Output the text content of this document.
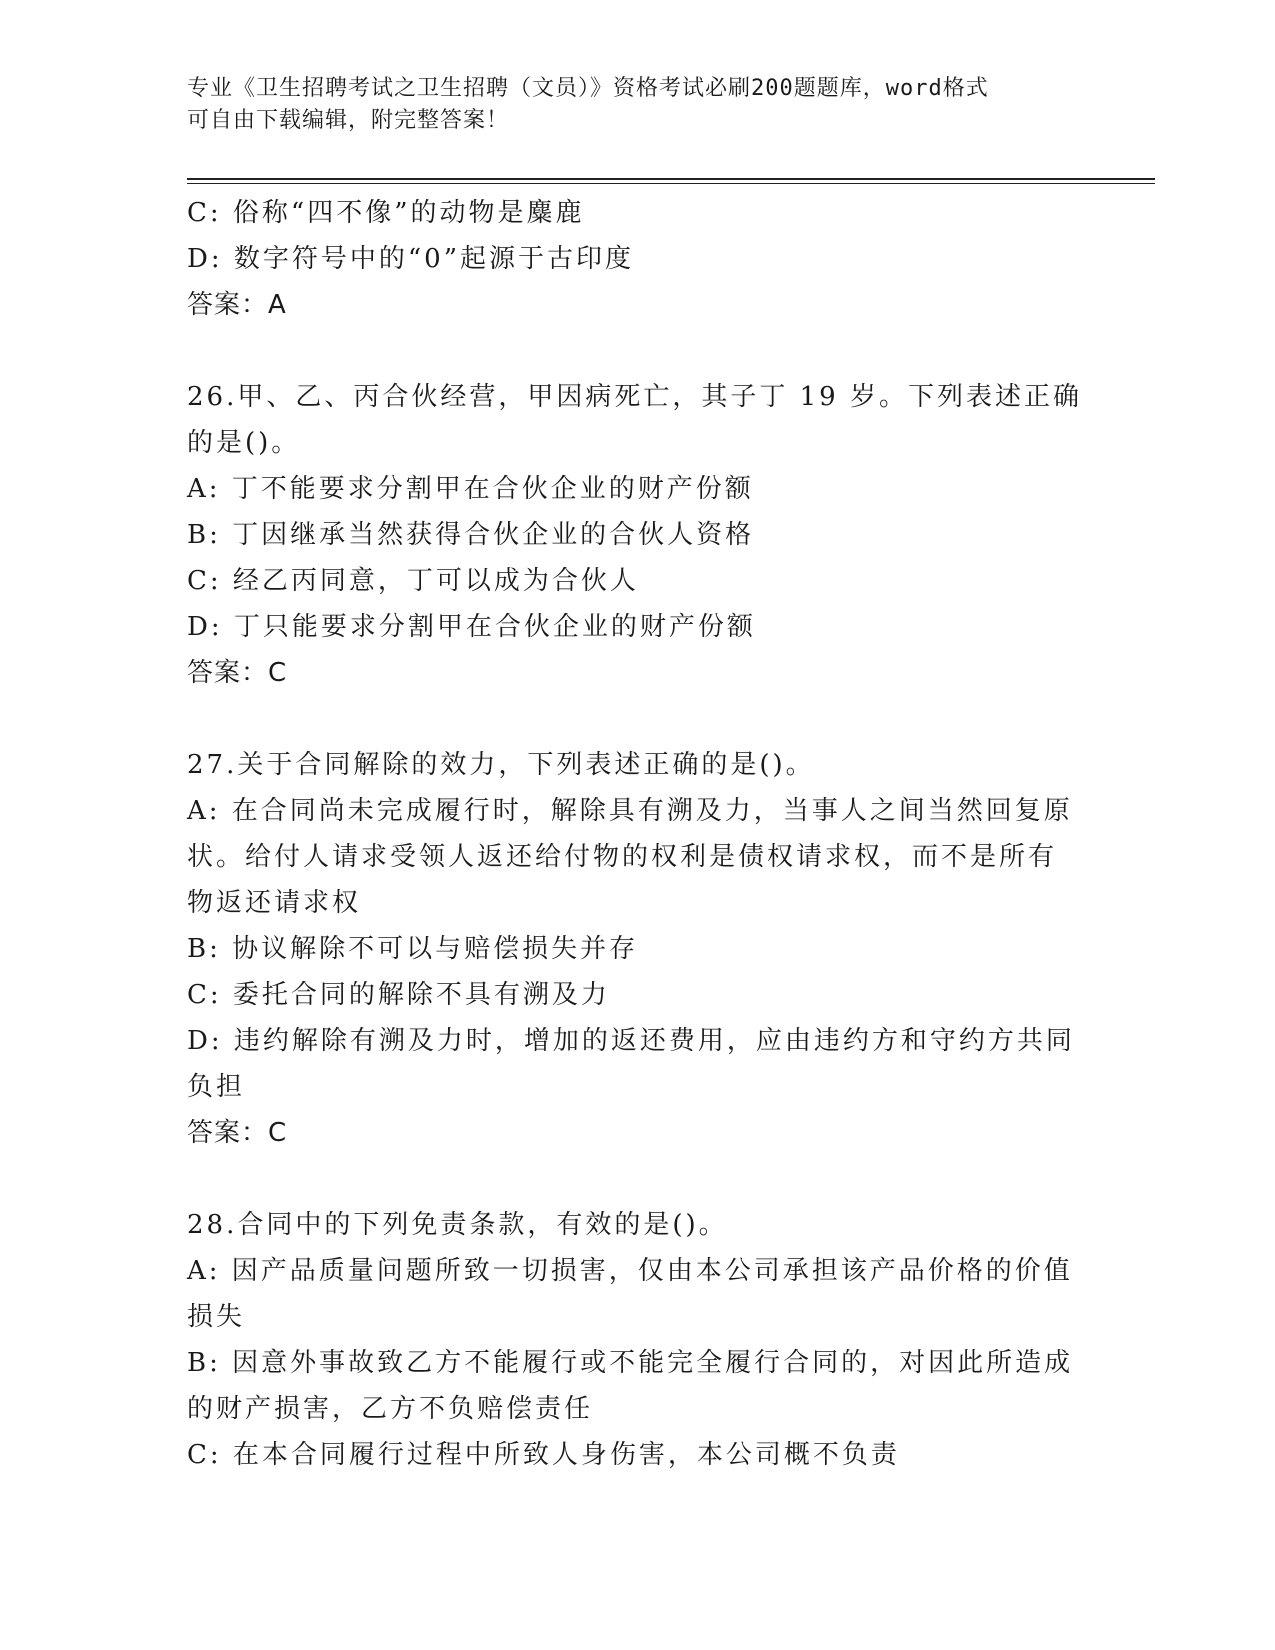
专业《卫生招聘考试之卫生招聘（文员）》资格考试必刷200题题库，word格式
可自由下载编辑，附完整答案！
C: 俗称“四不像”的动物是麋鹿
D: 数字符号中的“0”起源于古印度
答案：A
26.甲、乙、丙合伙经营，甲因病死亡，其子丁 19 岁。下列表述正确
的是()。
A: 丁不能要求分割甲在合伙企业的财产份额
B: 丁因继承当然获得合伙企业的合伙人资格
C: 经乙丙同意，丁可以成为合伙人
D: 丁只能要求分割甲在合伙企业的财产份额
答案：C
27.关于合同解除的效力，下列表述正确的是()。
A: 在合同尚未完成履行时，解除具有溯及力，当事人之间当然回复原
状。给付人请求受领人返还给付物的权利是债权请求权，而不是所有
物返还请求权
B: 协议解除不可以与赔偿损失并存
C: 委托合同的解除不具有溯及力
D: 违约解除有溯及力时，增加的返还费用，应由违约方和守约方共同
负担
答案：C
28.合同中的下列免责条款，有效的是()。
A: 因产品质量问题所致一切损害，仅由本公司承担该产品价格的价值
损失
B: 因意外事故致乙方不能履行或不能完全履行合同的，对因此所造成
的财产损害，乙方不负赔偿责任
C: 在本合同履行过程中所致人身伤害，本公司概不负责
